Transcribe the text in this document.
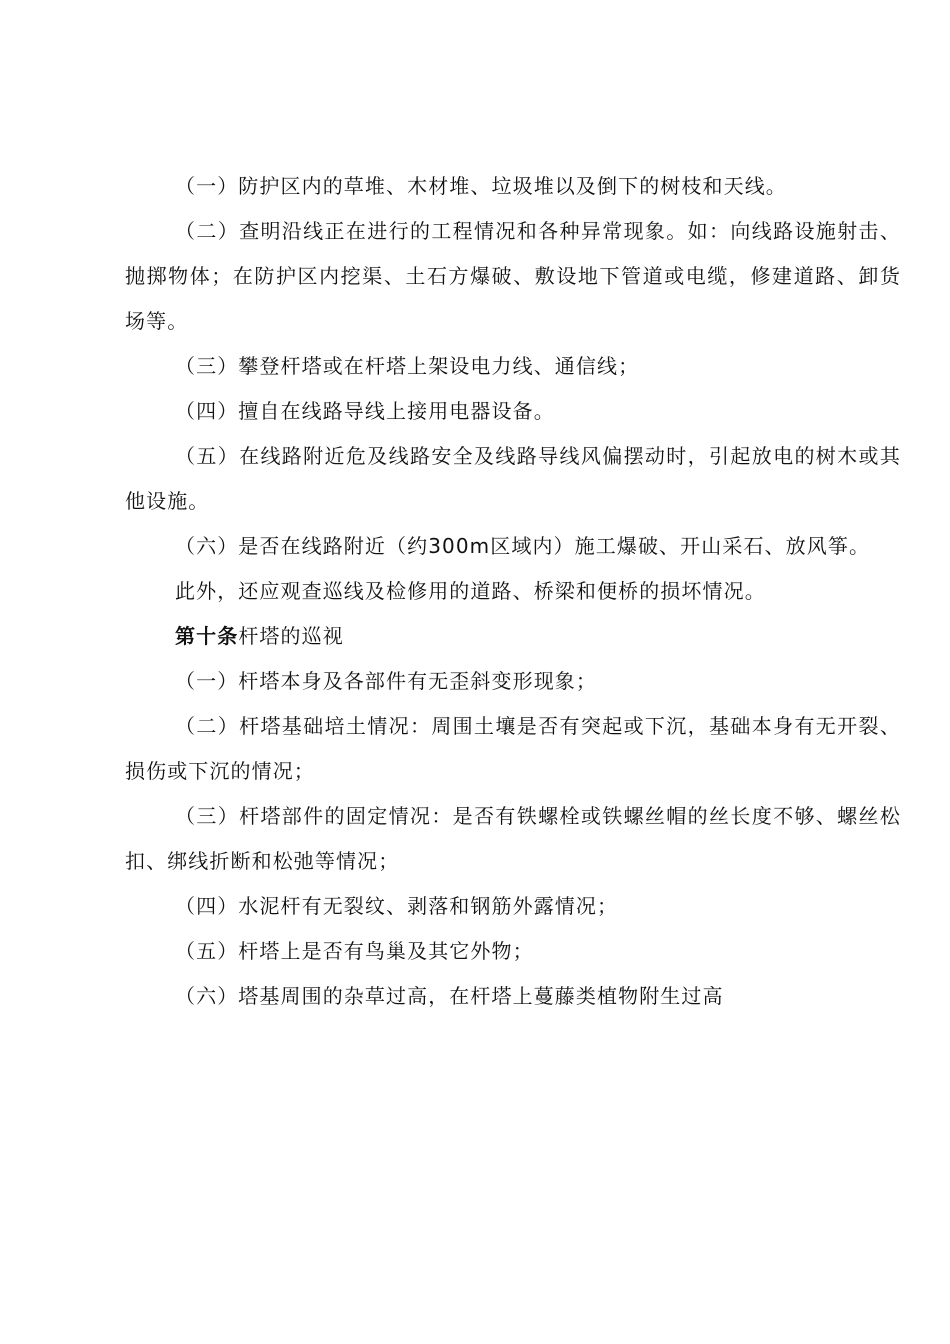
（一）防护区内的草堆、木材堆、垃圾堆以及倒下的树枝和天线。

（二）查明沿线正在进行的工程情况和各种异常现象。如：向线路设施射击、抛掷物体；在防护区内挖渠、土石方爆破、敷设地下管道或电缆，修建道路、卸货场等。

（三）攀登杆塔或在杆塔上架设电力线、通信线；

（四）擅自在线路导线上接用电器设备。

（五）在线路附近危及线路安全及线路导线风偏摆动时，引起放电的树木或其他设施。

（六）是否在线路附近（约300m区域内）施工爆破、开山采石、放风筝。

此外，还应观查巡线及检修用的道路、桥梁和便桥的损坏情况。

第十条杆塔的巡视

（一）杆塔本身及各部件有无歪斜变形现象；

（二）杆塔基础培土情况：周围土壤是否有突起或下沉，基础本身有无开裂、损伤或下沉的情况；

（三）杆塔部件的固定情况：是否有铁螺栓或铁螺丝帽的丝长度不够、螺丝松扣、绑线折断和松弛等情况；

（四）水泥杆有无裂纹、剥落和钢筋外露情况；

（五）杆塔上是否有鸟巢及其它外物；

（六）塔基周围的杂草过高，在杆塔上蔓藤类植物附生过高
